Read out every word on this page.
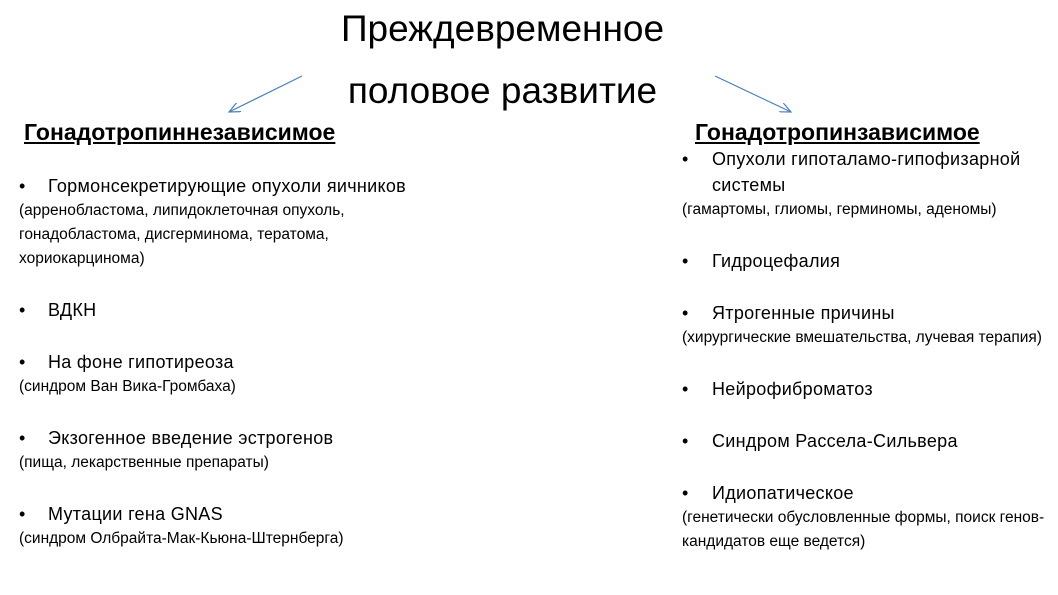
Преждевременное
половое развитие
Гонадотропиннезависимое	Гонадотропинзависимое
•	Гормонсекретирующие опухоли яичников
(арренобластома, липидоклеточная опухоль, гонадобластома, дисгерминома, тератома, хориокарцинома)
•	ВДКН
•	На фоне гипотиреоза
(синдром Ван Вика-Громбаха)
•	Экзогенное введение эстрогенов
(пища, лекарственные препараты)
•	Мутации гена GNAS
(синдром Олбрайта-Мак-Кьюна-Штернберга)
•	Опухоли гипоталамо-гипофизарной системы
(гамартомы, глиомы, герминомы, аденомы)
•	Гидроцефалия
•	Ятрогенные причины
(хирургические вмешательства, лучевая терапия)
•	Нейрофиброматоз
•	Синдром Рассела-Сильвера
•	Идиопатическое
(генетически обусловленные формы, поиск генов-кандидатов еще ведется)
